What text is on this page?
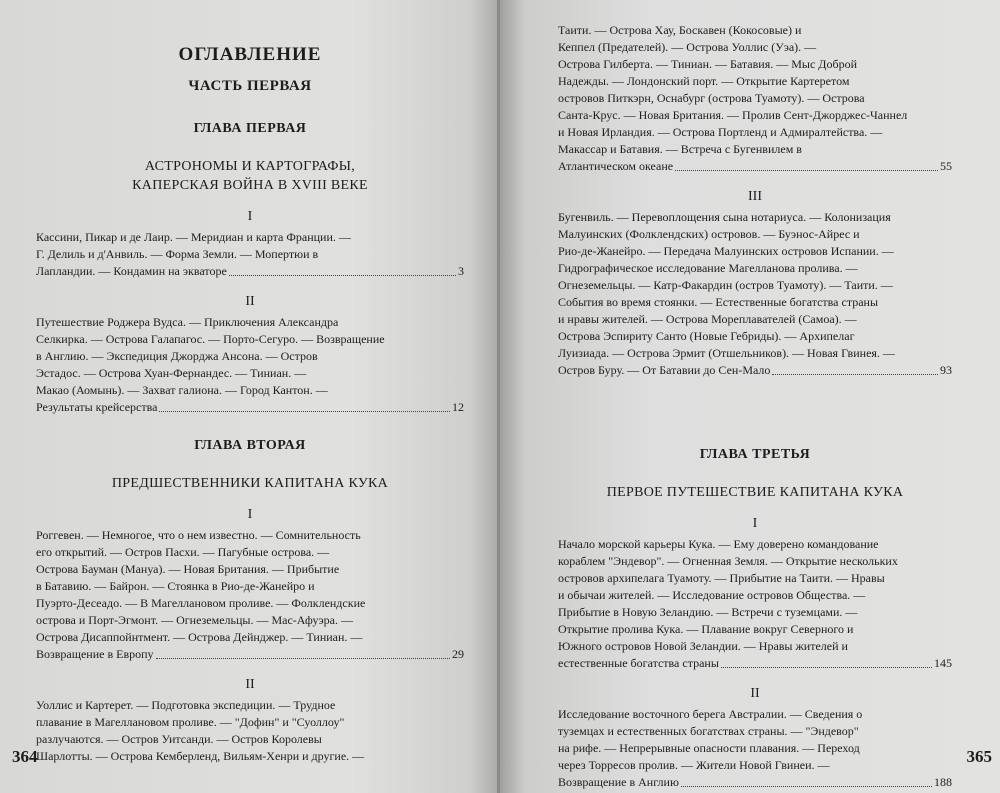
ОГЛАВЛЕНИЕ
ЧАСТЬ ПЕРВАЯ
ГЛАВА ПЕРВАЯ
АСТРОНОМЫ И КАРТОГРАФЫ,
КАПЕРСКАЯ ВОЙНА В XVIII ВЕКЕ
I
Кассини, Пикар и де Лаир. — Меридиан и карта Франции. —
Г. Делиль и д'Анвиль. — Форма Земли. — Мопертюи в
Лапландии. — Кондамин на экваторе	3
II
Путешествие Роджера Вудса. — Приключения Александра
Селкирка. — Острова Галапагос. — Порто-Сегуро. — Возвращение
в Англию. — Экспедиция Джорджа Ансона. — Остров
Эстадос. — Острова Хуан-Фернандес. — Тиниан. —
Макао (Аомынь). — Захват галиона. — Город Кантон. —
Результаты крейсерства	12
ГЛАВА ВТОРАЯ
ПРЕДШЕСТВЕННИКИ КАПИТАНА КУКА
I
Роггевен. — Немногое, что о нем известно. — Сомнительность
его открытий. — Остров Пасхи. — Пагубные острова. —
Острова Бауман (Мануа). — Новая Британия. — Прибытие
в Батавию. — Байрон. — Стоянка в Рио-де-Жанейро и
Пуэрто-Десеадо. — В Магеллановом проливе. — Фолклендские
острова и Порт-Эгмонт. — Огнеземельцы. — Мас-Афуэра. —
Острова Дисаппойнтмент. — Острова Дейнджер. — Тиниан. —
Возвращение в Европу	29
II
Уоллис и Картерет. — Подготовка экспедиции. — Трудное
плавание в Магеллановом проливе. — "Дофин" и "Суоллоу"
разлучаются. — Остров Уитсанди. — Остров Королевы
Шарлотты. — Острова Кемберленд, Вильям-Хенри и другие. —
364
Таити. — Острова Хау, Боскавен (Кокосовые) и
Кеппел (Предателей). — Острова Уоллис (Уэа). —
Острова Гилберта. — Тиниан. — Батавия. — Мыс Доброй
Надежды. — Лондонский порт. — Открытие Картеретом
островов Питкэрн, Оснабург (острова Туамоту). — Острова
Санта-Крус. — Новая Британия. — Пролив Сент-Джорджес-Чаннел
и Новая Ирландия. — Острова Портленд и Адмиралтейства. —
Макассар и Батавия. — Встреча с Бугенвилем в
Атлантическом океане	55
III
Бугенвиль. — Перевоплощения сына нотариуса. — Колонизация
Малуинских (Фолклендских) островов. — Буэнос-Айрес и
Рио-де-Жанейро. — Передача Малуинских островов Испании. —
Гидрографическое исследование Магелланова пролива. —
Огнеземельцы. — Катр-Факардин (остров Туамоту). — Таити. —
События во время стоянки. — Естественные богатства страны
и нравы жителей. — Острова Мореплавателей (Самоа). —
Острова Эспириту Санто (Новые Гебриды). — Архипелаг
Луизиада. — Острова Эрмит (Отшельников). — Новая Гвинея. —
Остров Буру. — От Батавии до Сен-Мало	93
ГЛАВА ТРЕТЬЯ
ПЕРВОЕ ПУТЕШЕСТВИЕ КАПИТАНА КУКА
I
Начало морской карьеры Кука. — Ему доверено командование
кораблем "Эндевор". — Огненная Земля. — Открытие нескольких
островов архипелага Туамоту. — Прибытие на Таити. — Нравы
и обычаи жителей. — Исследование островов Общества. —
Прибытие в Новую Зеландию. — Встречи с туземцами. —
Открытие пролива Кука. — Плавание вокруг Северного и
Южного островов Новой Зеландии. — Нравы жителей и
естественные богатства страны	145
II
Исследование восточного берега Австралии. — Сведения о
туземцах и естественных богатствах страны. — "Эндевор"
на рифе. — Непрерывные опасности плавания. — Переход
через Торресов пролив. — Жители Новой Гвинеи. —
Возвращение в Англию	188
365
